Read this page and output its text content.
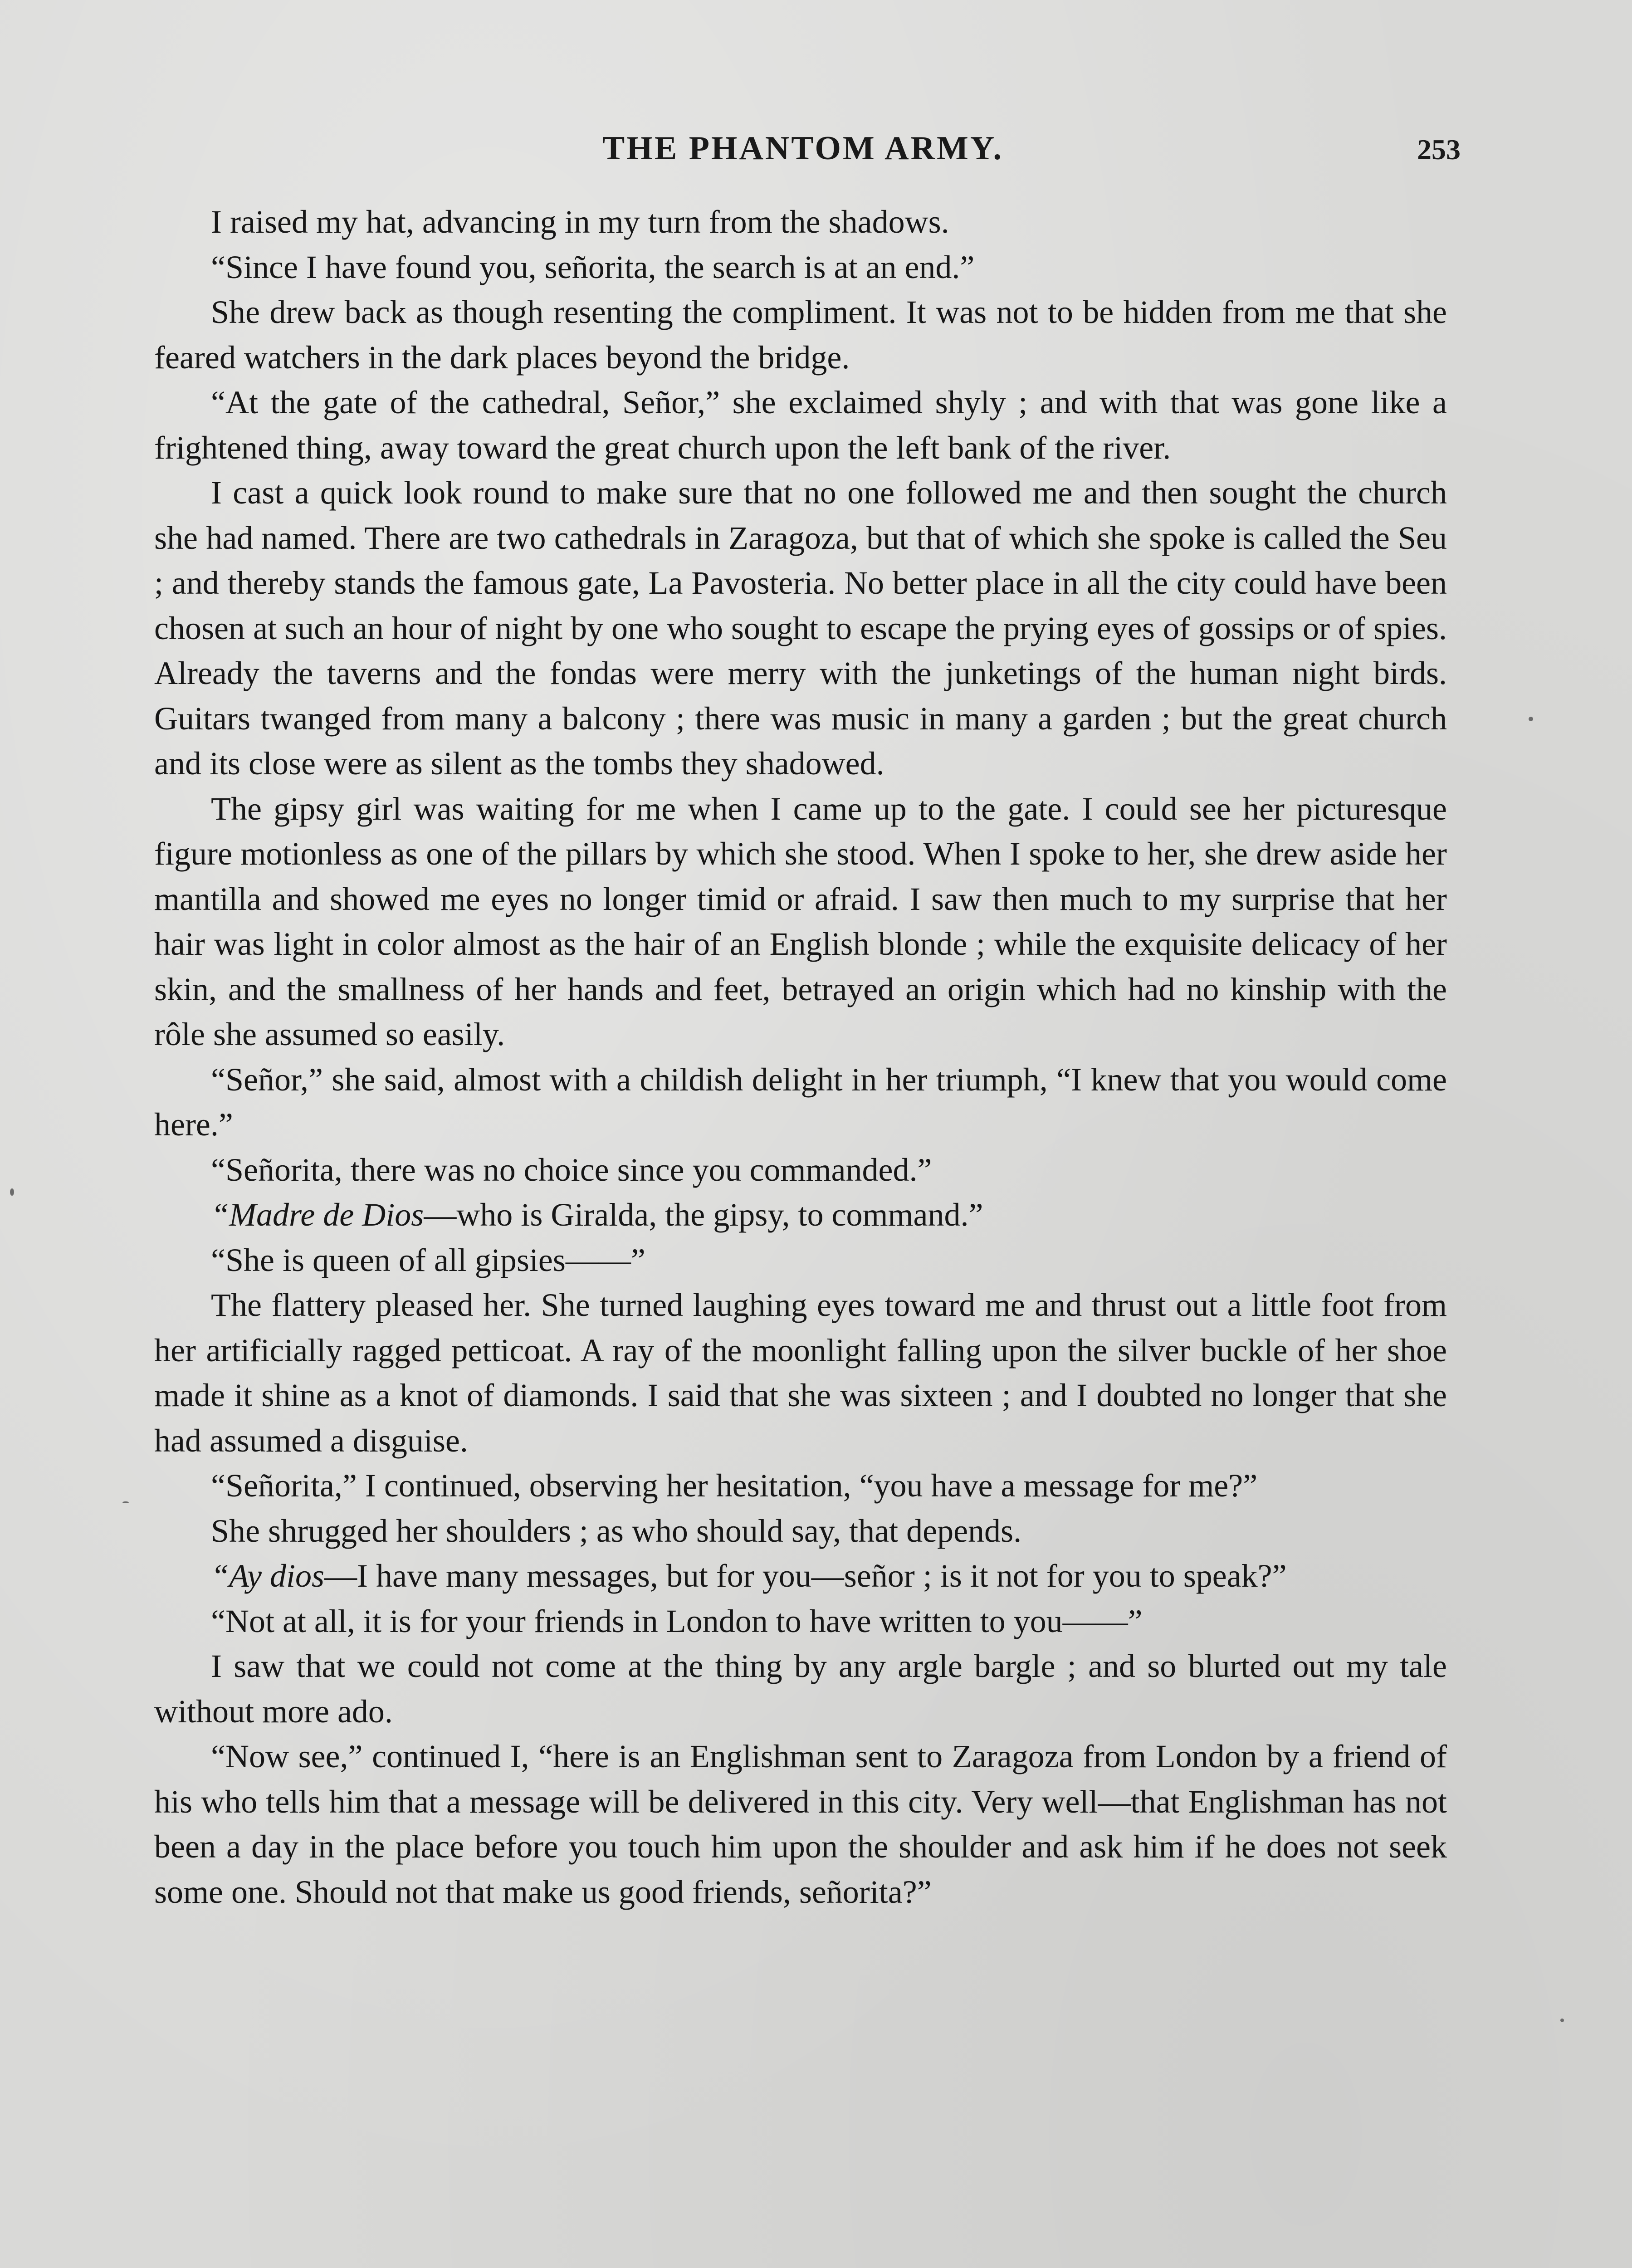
THE PHANTOM ARMY.	253

I raised my hat, advancing in my turn from the shadows.

“Since I have found you, señorita, the search is at an end.”

She drew back as though resenting the compliment. It was not to be hidden from me that she feared watchers in the dark places beyond the bridge.

“At the gate of the cathedral, Señor,” she exclaimed shyly ; and with that was gone like a frightened thing, away toward the great church upon the left bank of the river.

I cast a quick look round to make sure that no one followed me and then sought the church she had named. There are two cathedrals in Zaragoza, but that of which she spoke is called the Seu ; and thereby stands the famous gate, La Pavosteria. No better place in all the city could have been chosen at such an hour of night by one who sought to escape the prying eyes of gossips or of spies. Already the taverns and the fondas were merry with the junketings of the human night birds. Guitars twanged from many a balcony ; there was music in many a garden ; but the great church and its close were as silent as the tombs they shadowed.

The gipsy girl was waiting for me when I came up to the gate. I could see her picturesque figure motionless as one of the pillars by which she stood. When I spoke to her, she drew aside her mantilla and showed me eyes no longer timid or afraid. I saw then much to my surprise that her hair was light in color almost as the hair of an English blonde ; while the exquisite delicacy of her skin, and the smallness of her hands and feet, betrayed an origin which had no kinship with the rôle she assumed so easily.

“Señor,” she said, almost with a childish delight in her triumph, “I knew that you would come here.”

“Señorita, there was no choice since you commanded.”

“Madre de Dios—who is Giralda, the gipsy, to command.”

“She is queen of all gipsies——”

The flattery pleased her. She turned laughing eyes toward me and thrust out a little foot from her artificially ragged petticoat. A ray of the moonlight falling upon the silver buckle of her shoe made it shine as a knot of diamonds. I said that she was sixteen ; and I doubted no longer that she had assumed a disguise.

“Señorita,” I continued, observing her hesitation, “you have a message for me?”

She shrugged her shoulders ; as who should say, that depends.

“Ay dios—I have many messages, but for you—señor ; is it not for you to speak?”

“Not at all, it is for your friends in London to have written to you——”

I saw that we could not come at the thing by any argle bargle ; and so blurted out my tale without more ado.

“Now see,” continued I, “here is an Englishman sent to Zaragoza from London by a friend of his who tells him that a message will be delivered in this city. Very well—that Englishman has not been a day in the place before you touch him upon the shoulder and ask him if he does not seek some one. Should not that make us good friends, señorita?”
